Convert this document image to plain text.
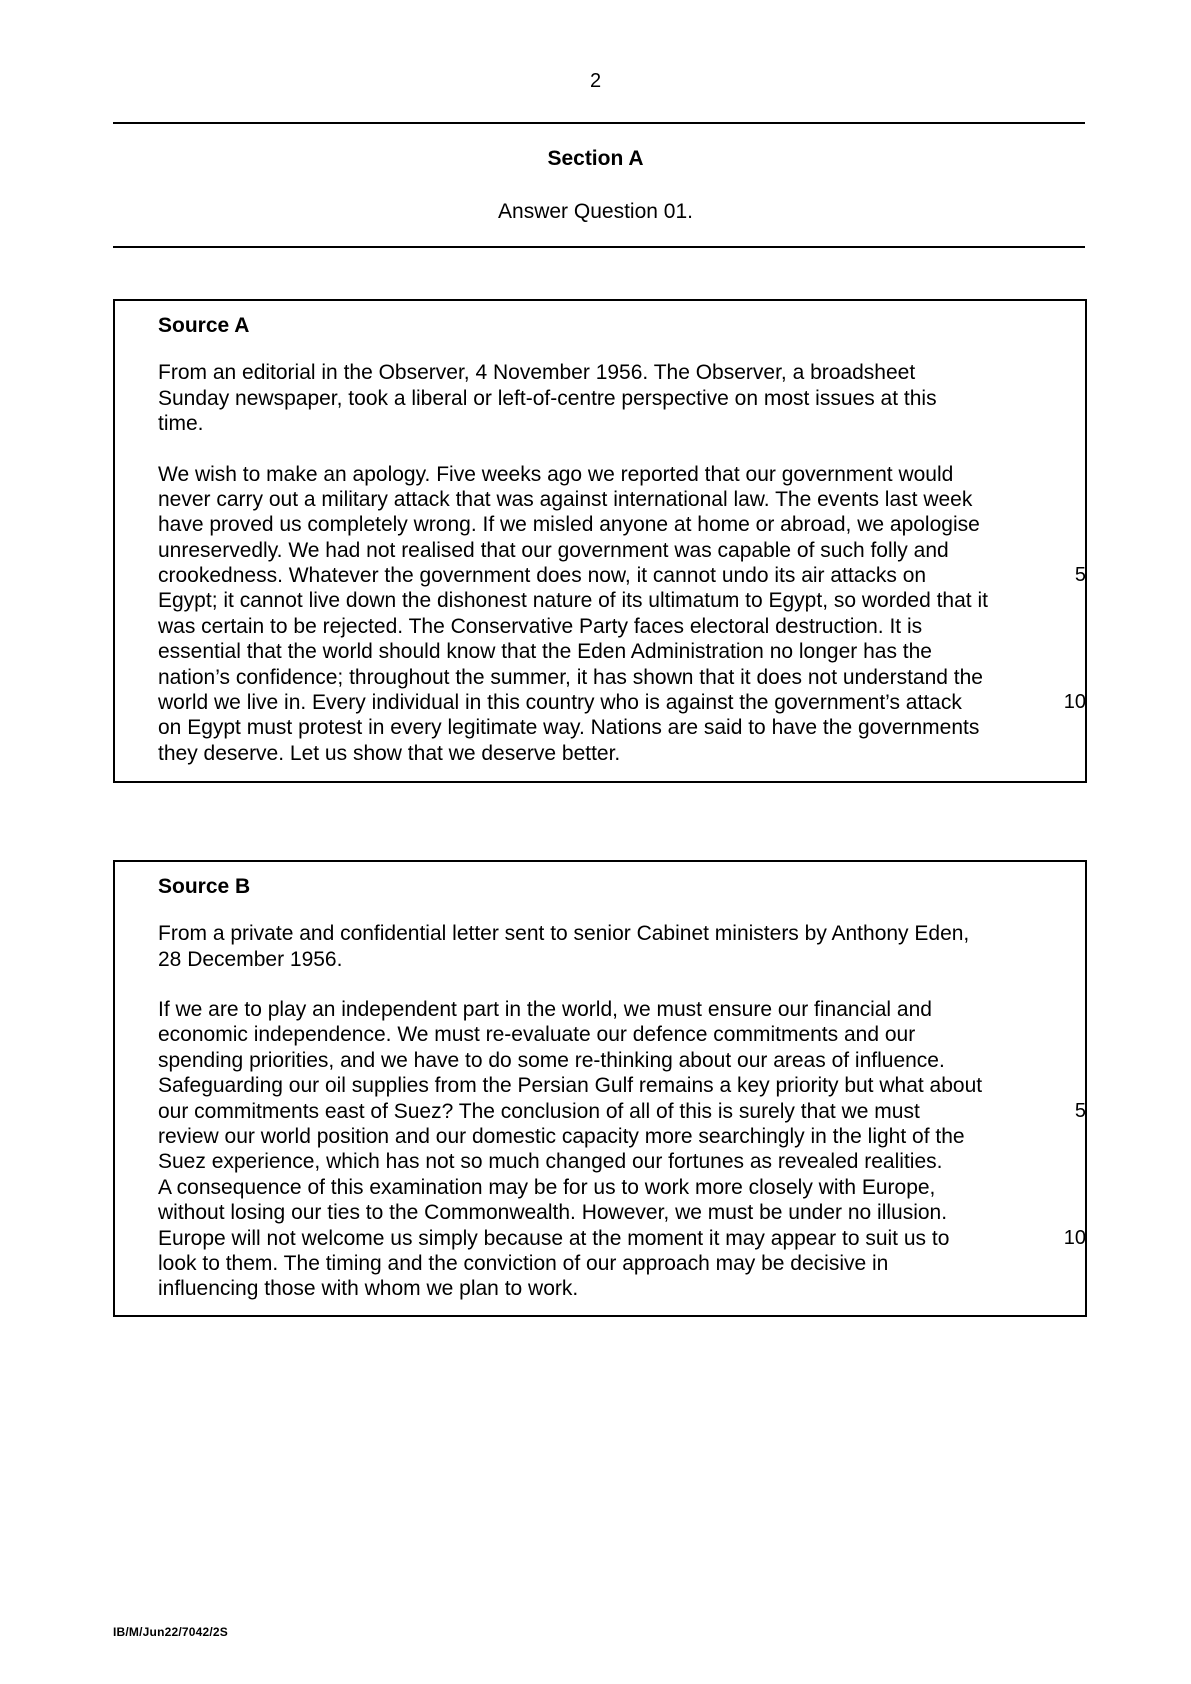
2
Section A
Answer Question 01.
Source A
From an editorial in the Observer, 4 November 1956. The Observer, a broadsheet
Sunday newspaper, took a liberal or left-of-centre perspective on most issues at this
time.
We wish to make an apology. Five weeks ago we reported that our government would
never carry out a military attack that was against international law. The events last week
have proved us completely wrong. If we misled anyone at home or abroad, we apologise
unreservedly. We had not realised that our government was capable of such folly and
crookedness. Whatever the government does now, it cannot undo its air attacks on	5
Egypt; it cannot live down the dishonest nature of its ultimatum to Egypt, so worded that it
was certain to be rejected. The Conservative Party faces electoral destruction. It is
essential that the world should know that the Eden Administration no longer has the
nation’s confidence; throughout the summer, it has shown that it does not understand the
world we live in. Every individual in this country who is against the government’s attack	10
on Egypt must protest in every legitimate way. Nations are said to have the governments
they deserve. Let us show that we deserve better.
Source B
From a private and confidential letter sent to senior Cabinet ministers by Anthony Eden,
28 December 1956.
If we are to play an independent part in the world, we must ensure our financial and
economic independence. We must re-evaluate our defence commitments and our
spending priorities, and we have to do some re-thinking about our areas of influence.
Safeguarding our oil supplies from the Persian Gulf remains a key priority but what about
our commitments east of Suez? The conclusion of all of this is surely that we must	5
review our world position and our domestic capacity more searchingly in the light of the
Suez experience, which has not so much changed our fortunes as revealed realities.
A consequence of this examination may be for us to work more closely with Europe,
without losing our ties to the Commonwealth. However, we must be under no illusion.
Europe will not welcome us simply because at the moment it may appear to suit us to	10
look to them. The timing and the conviction of our approach may be decisive in
influencing those with whom we plan to work.
IB/M/Jun22/7042/2S
